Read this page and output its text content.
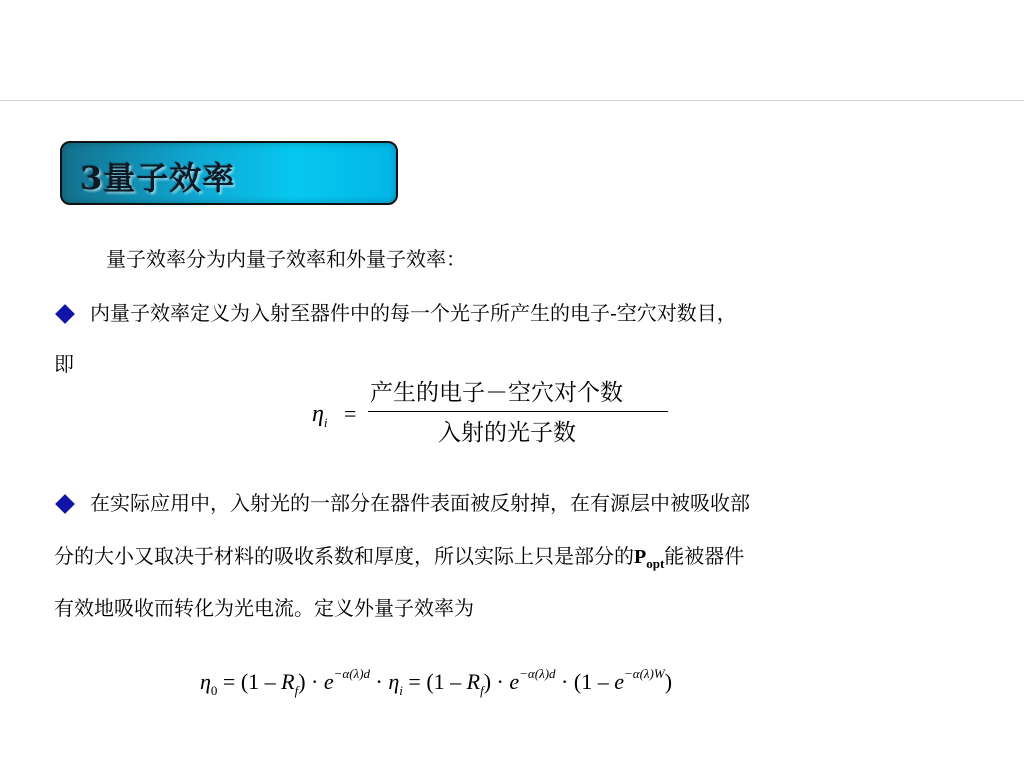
3量子效率
量子效率分为内量子效率和外量子效率：
内量子效率定义为入射至器件中的每一个光子所产生的电子-空穴对数目，
即
$\eta_i$ =
产生的电子－空穴对个数
入射的光子数
在实际应用中，入射光的一部分在器件表面被反射掉，在有源层中被吸收部
分的大小又取决于材料的吸收系数和厚度，所以实际上只是部分的$P_{opt}$能被器件
有效地吸收而转化为光电流。定义外量子效率为
$\eta_0 = (1 - R_f) \cdot e^{-\alpha(\lambda)d} \cdot \eta_i = (1 - R_f) \cdot e^{-\alpha(\lambda)d} \cdot (1 - e^{-\alpha(\lambda)W})$
